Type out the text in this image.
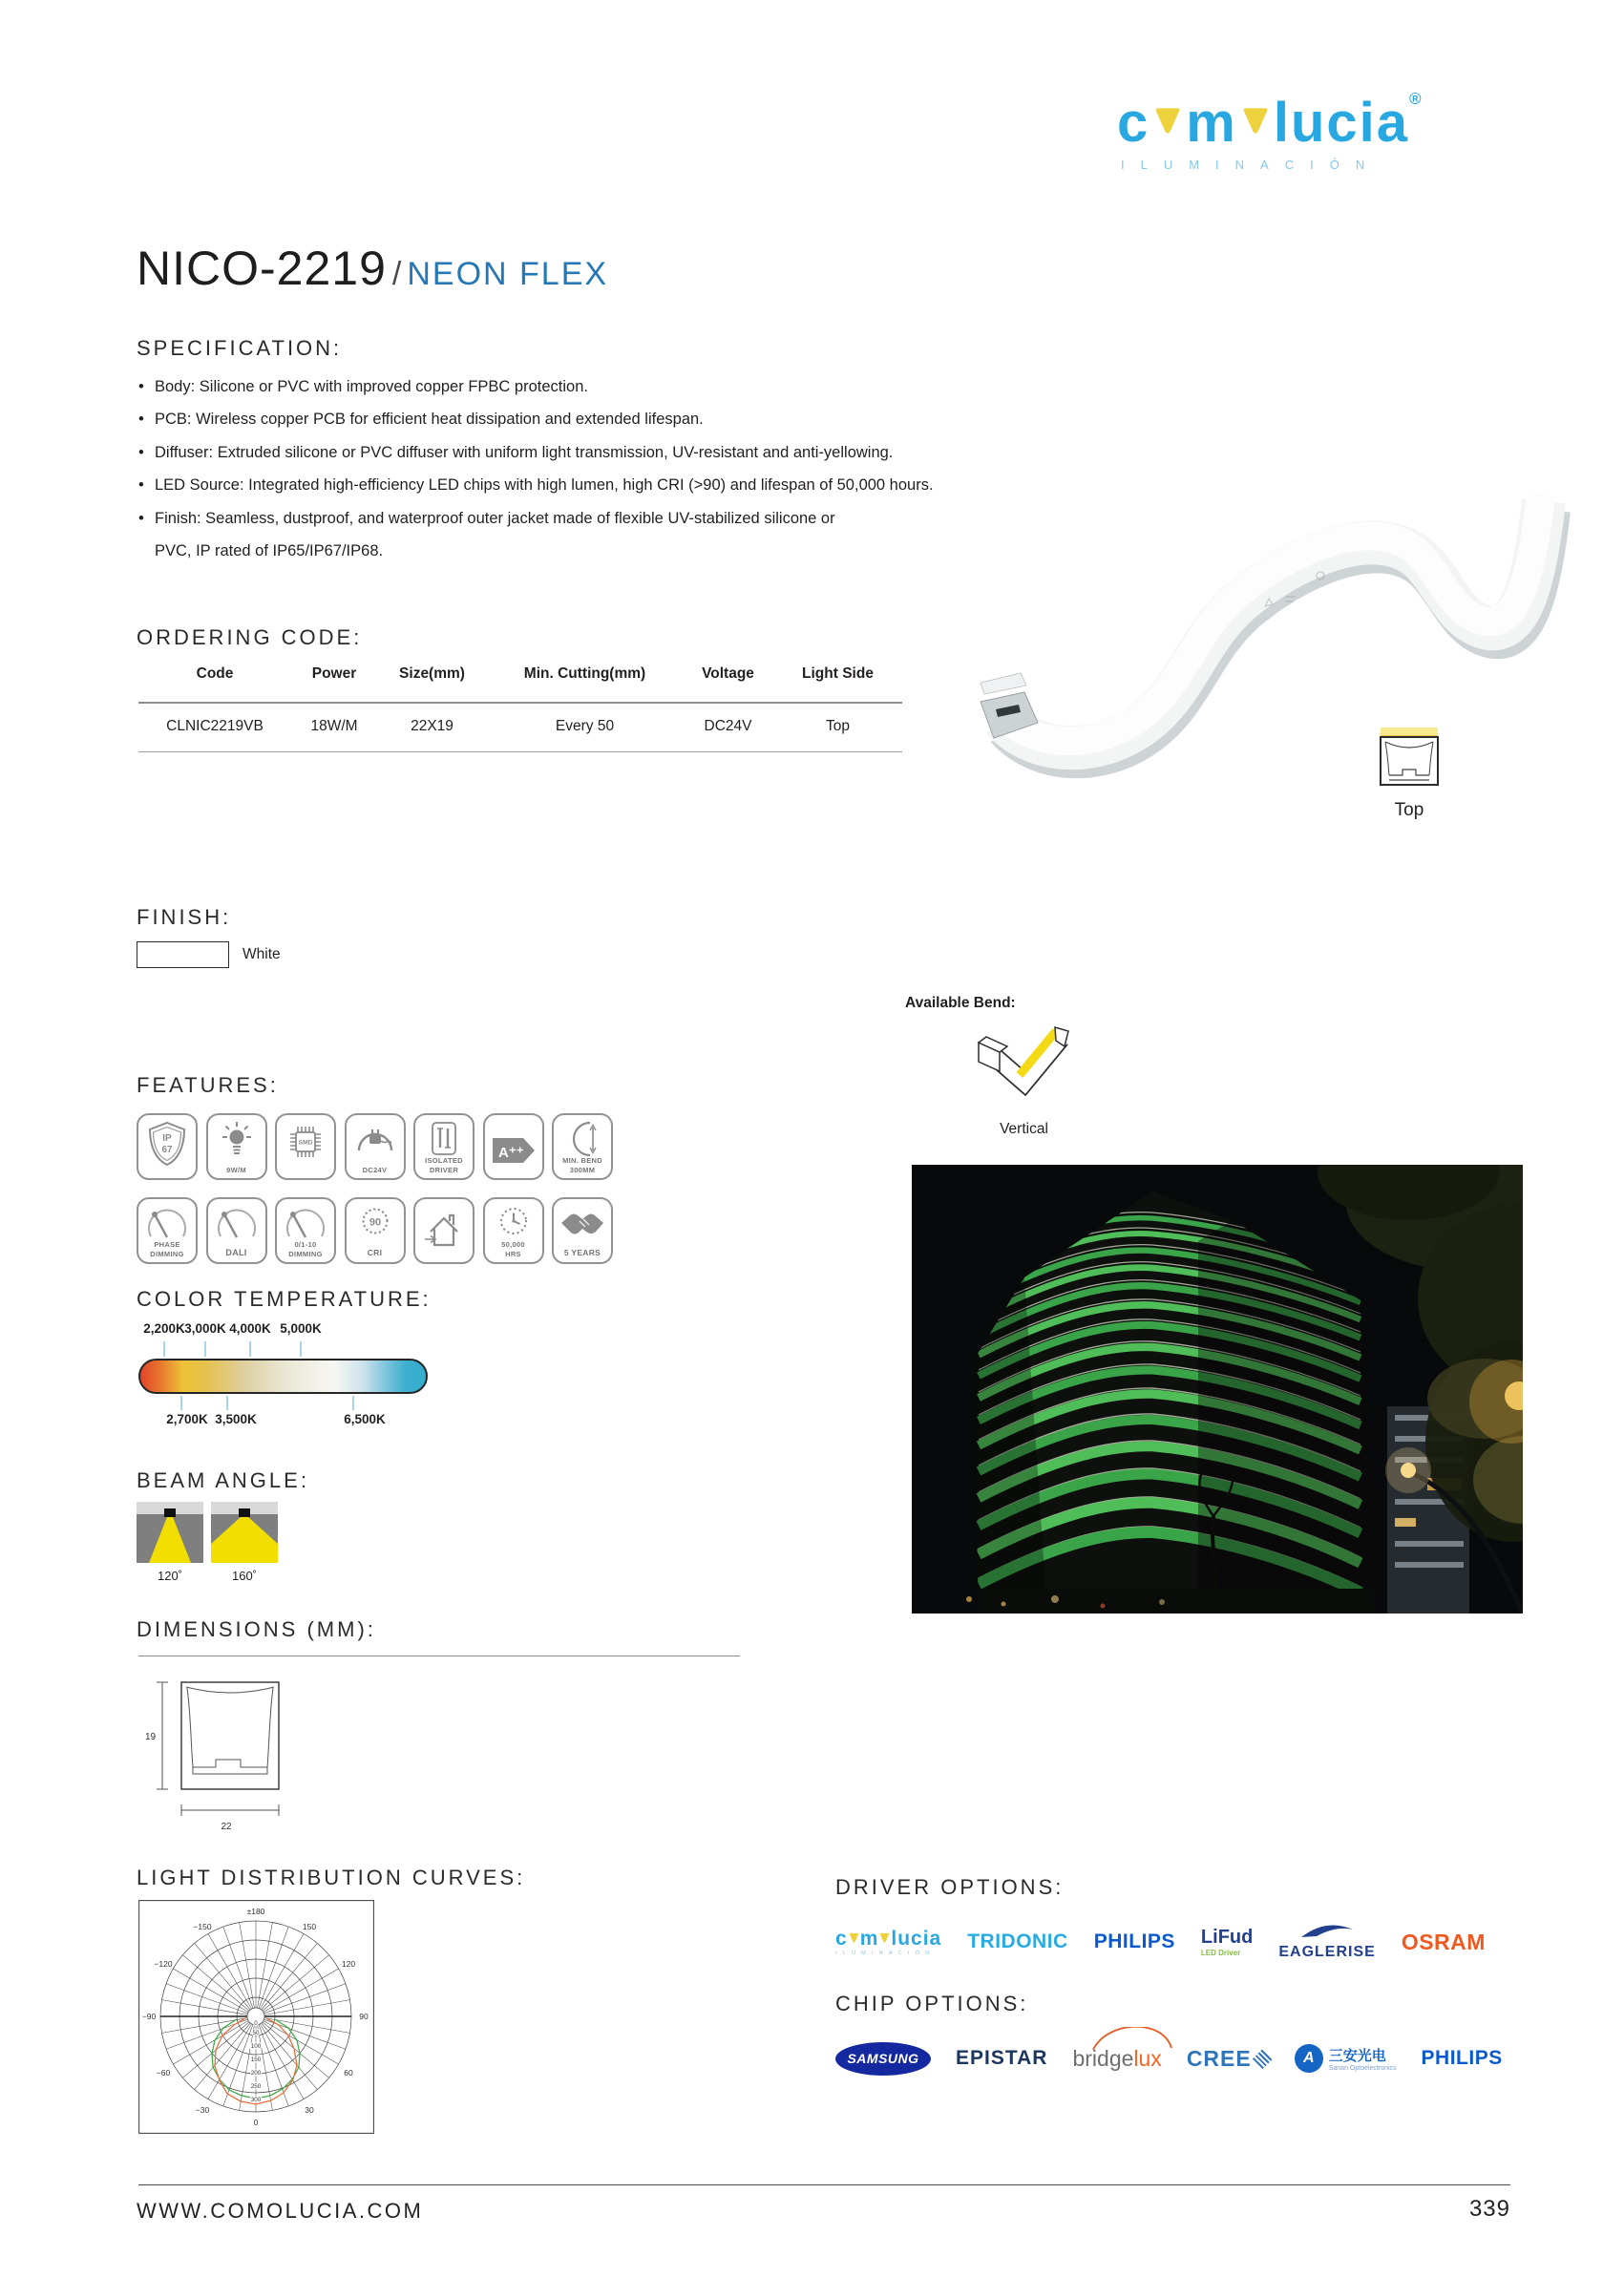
c m lucia ®
ILUMINACIÓN
NICO-2219 / NEON FLEX
SPECIFICATION:
• Body: Silicone or PVC with improved copper FPBC protection.
• PCB: Wireless copper PCB for efficient heat dissipation and extended lifespan.
• Diffuser: Extruded silicone or PVC diffuser with uniform light transmission, UV-resistant and anti-yellowing.
• LED Source: Integrated high-efficiency LED chips with high lumen, high CRI (>90) and lifespan of 50,000 hours.
• Finish: Seamless, dustproof, and waterproof outer jacket made of flexible UV-stabilized silicone or
PVC, IP rated of IP65/IP67/IP68.
Top
FINISH:
White
Available Bend:
Vertical
FEATURES:
IP
67
9W/M
SMD
DC24V
ISOLATED
DRIVER
A⁺⁺	MIN. BEND
300MM
PHASE
DIMMING	DALI
0/1-10
DIMMING
90
CRI
50,000
HRS	5 YEARS
ORDERING CODE:
Code	Power	Size(mm)	Min. Cutting(mm)	Voltage	Light Side
CLNIC2219VB	18W/M	22X19	Every 50	DC24V	Top
COLOR TEMPERATURE:
2,200K 3,000K 4,000K 5,000K
2,700K 3,500K	6,500K
BEAM ANGLE:
120˚	160˚
DIMENSIONS (MM):
19
22
LIGHT DISTRIBUTION CURVES:
±180
−150	150
−120	120
−90	90
−60	60
−30	30
0
0
50
100
150
200
250
300
DRIVER OPTIONS:
c m lucia
ILUMINACIÓN
TRIDONIC PHILIPS LiFud
LED Driver	EAGLERISE OSRAM
CHIP OPTIONS:
SAMSUNG EPISTAR bridgelux CREE	A	三安光电
Sanan Optoelectronics PHILIPS
WWW.COMOLUCIA.COM	339
